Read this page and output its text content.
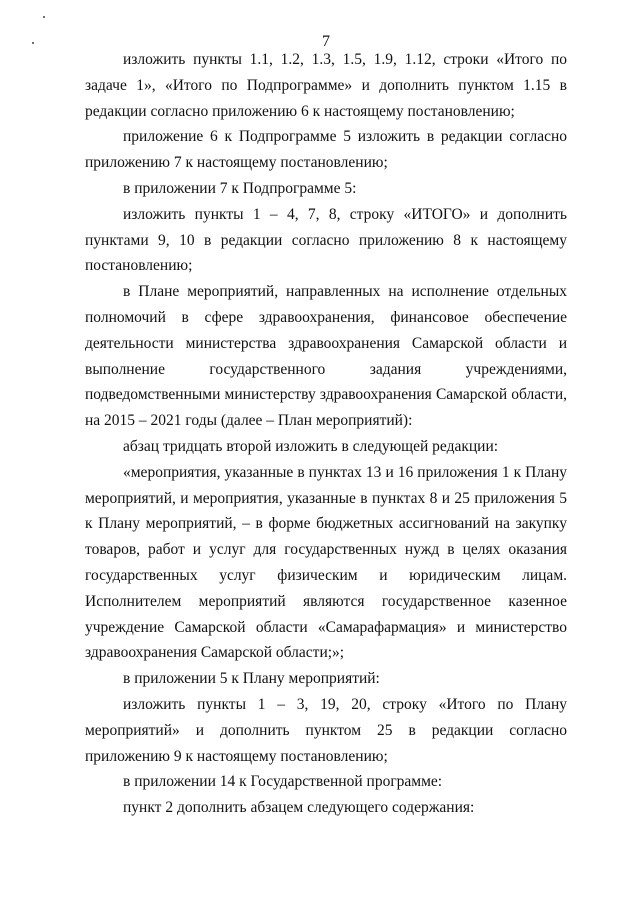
7

изложить пункты 1.1, 1.2, 1.3, 1.5, 1.9, 1.12, строки «Итого по задаче 1», «Итого по Подпрограмме» и дополнить пунктом 1.15 в редакции согласно приложению 6 к настоящему постановлению;

приложение 6 к Подпрограмме 5 изложить в редакции согласно приложению 7 к настоящему постановлению;

в приложении 7 к Подпрограмме 5:

изложить пункты 1 – 4, 7, 8, строку «ИТОГО» и дополнить пунктами 9, 10 в редакции согласно приложению 8 к настоящему постановлению;

в Плане мероприятий, направленных на исполнение отдельных полномочий в сфере здравоохранения, финансовое обеспечение деятельности министерства здравоохранения Самарской области и выполнение государственного задания учреждениями, подведомственными министерству здравоохранения Самарской области, на 2015 – 2021 годы (далее – План мероприятий):

абзац тридцать второй изложить в следующей редакции:

«мероприятия, указанные в пунктах 13 и 16 приложения 1 к Плану мероприятий, и мероприятия, указанные в пунктах 8 и 25 приложения 5 к Плану мероприятий, – в форме бюджетных ассигнований на закупку товаров, работ и услуг для государственных нужд в целях оказания государственных услуг физическим и юридическим лицам. Исполнителем мероприятий являются государственное казенное учреждение Самарской области «Самарафармация» и министерство здравоохранения Самарской области;»;

в приложении 5 к Плану мероприятий:

изложить пункты 1 – 3, 19, 20, строку «Итого по Плану мероприятий» и дополнить пунктом 25 в редакции согласно приложению 9 к настоящему постановлению;

в приложении 14 к Государственной программе:

пункт 2 дополнить абзацем следующего содержания:
